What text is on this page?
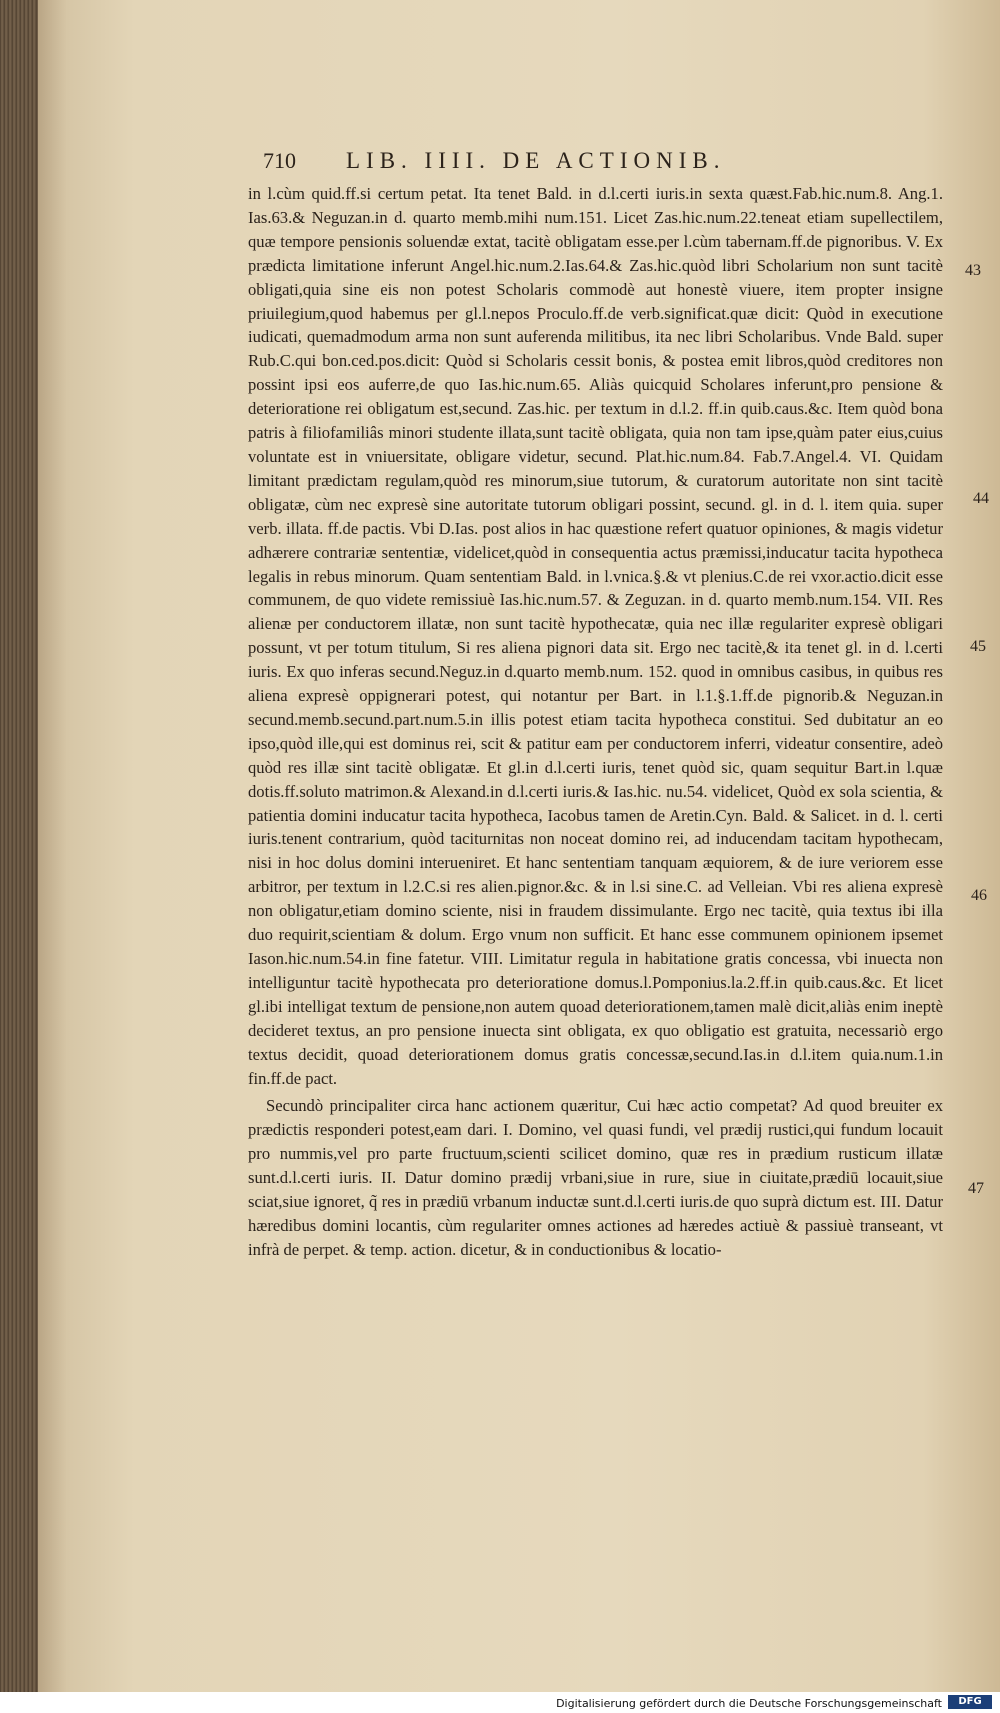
710 LIB. IIII. DE ACTIONIB.

in l.cùm quid.ff.si certum petat. Ita tenet Bald. in d.l.certi iuris.in sexta quæst.Fab.hic.num.8. Ang.1. Ias.63.& Neguzan.in d. quarto memb.mihi num.151. Licet Zas.hic.num.22.teneat etiam supellectilem, quæ tempore pensionis soluendæ extat, tacitè obligatam esse.per l.cùm tabernam.ff.de pignoribus. V. Ex prædicta limitatione inferunt Angel.hic.num.2.Ias.64.& Zas.hic.quòd libri Scholarium non sunt tacitè obligati,quia sine eis non potest Scholaris commodè aut honestè viuere, item propter insigne priuilegium,quod habemus per gl.l.nepos Proculo.ff.de verb.significat.quæ dicit: Quòd in executione iudicati, quemadmodum arma non sunt auferenda militibus, ita nec libri Scholaribus. Vnde Bald. super Rub.C.qui bon.ced.pos.dicit: Quòd si Scholaris cessit bonis, & postea emit libros,quòd creditores non possint ipsi eos auferre,de quo Ias.hic.num.65. Aliàs quicquid Scholares inferunt,pro pensione & deterioratione rei obligatum est,secund. Zas.hic. per textum in d.l.2. ff.in quib.caus.&c. Item quòd bona patris à filiofamiliâs minori studente illata,sunt tacitè obligata, quia non tam ipse,quàm pater eius,cuius voluntate est in vniuersitate, obligare videtur, secund. Plat.hic.num.84. Fab.7.Angel.4. VI. Quidam limitant prædictam regulam,quòd res minorum,siue tutorum, & curatorum autoritate non sint tacitè obligatæ, cùm nec expresè sine autoritate tutorum obligari possint, secund. gl. in d. l. item quia. super verb. illata. ff.de pactis. Vbi D.Ias. post alios in hac quæstione refert quatuor opiniones, & magis videtur adhærere contrariæ sententiæ, videlicet,quòd in consequentia actus præmissi,inducatur tacita hypotheca legalis in rebus minorum. Quam sententiam Bald. in l.vnica.§.& vt plenius.C.de rei vxor.actio.dicit esse communem, de quo videte remissiuè Ias.hic.num.57. & Zeguzan. in d. quarto memb.num.154. VII. Res alienæ per conductorem illatæ, non sunt tacitè hypothecatæ, quia nec illæ regulariter expresè obligari possunt, vt per totum titulum, Si res aliena pignori data sit. Ergo nec tacitè,& ita tenet gl. in d. l.certi iuris. Ex quo inferas secund.Neguz.in d.quarto memb.num. 152. quod in omnibus casibus, in quibus res aliena expresè oppignerari potest, qui notantur per Bart. in l.1.§.1.ff.de pignorib.& Neguzan.in secund.memb.secund.part.num.5.in illis potest etiam tacita hypotheca constitui. Sed dubitatur an eo ipso,quòd ille,qui est dominus rei, scit & patitur eam per conductorem inferri, videatur consentire, adeò quòd res illæ sint tacitè obligatæ. Et gl.in d.l.certi iuris, tenet quòd sic, quam sequitur Bart.in l.quæ dotis.ff.soluto matrimon.& Alexand.in d.l.certi iuris.& Ias.hic. nu.54. videlicet, Quòd ex sola scientia, & patientia domini inducatur tacita hypotheca, Iacobus tamen de Aretin.Cyn. Bald. & Salicet. in d. l. certi iuris.tenent contrarium, quòd taciturnitas non noceat domino rei, ad inducendam tacitam hypothecam, nisi in hoc dolus domini interueniret. Et hanc sententiam tanquam æquiorem, & de iure veriorem esse arbitror, per textum in l.2.C.si res alien.pignor.&c. & in l.si sine.C. ad Velleian. Vbi res aliena expresè non obligatur,etiam domino sciente, nisi in fraudem dissimulante. Ergo nec tacitè, quia textus ibi illa duo requirit,scientiam & dolum. Ergo vnum non sufficit. Et hanc esse communem opinionem ipsemet Iason.hic.num.54.in fine fatetur. VIII. Limitatur regula in habitatione gratis concessa, vbi inuecta non intelliguntur tacitè hypothecata pro deterioratione domus.l.Pomponius.la.2.ff.in quib.caus.&c. Et licet gl.ibi intelligat textum de pensione,non autem quoad deteriorationem,tamen malè dicit,aliàs enim ineptè decideret textus, an pro pensione inuecta sint obligata, ex quo obligatio est gratuita, necessariò ergo textus decidit, quoad deteriorationem domus gratis concessæ,secund.Ias.in d.l.item quia.num.1.in fin.ff.de pact.

Secundò principaliter circa hanc actionem quæritur, Cui hæc actio competat? Ad quod breuiter ex prædictis responderi potest,eam dari. I. Domino, vel quasi fundi, vel prædij rustici,qui fundum locauit pro nummis,vel pro parte fructuum,scienti scilicet domino, quæ res in prædium rusticum illatæ sunt.d.l.certi iuris. II. Datur domino prædij vrbani,siue in rure, siue in ciuitate,prædiū locauit,siue sciat,siue ignoret, q̃ res in prædiū vrbanum inductæ sunt.d.l.certi iuris.de quo suprà dictum est. III. Datur hæredibus domini locantis, cùm regulariter omnes actiones ad hæredes actiuè & passiuè transeant, vt infrà de perpet. & temp. action. dicetur, & in conductionibus & locatio-

43
44
45
46
47
Digitalisierung gefördert durch die Deutsche Forschungsgemeinschaft	DFG
